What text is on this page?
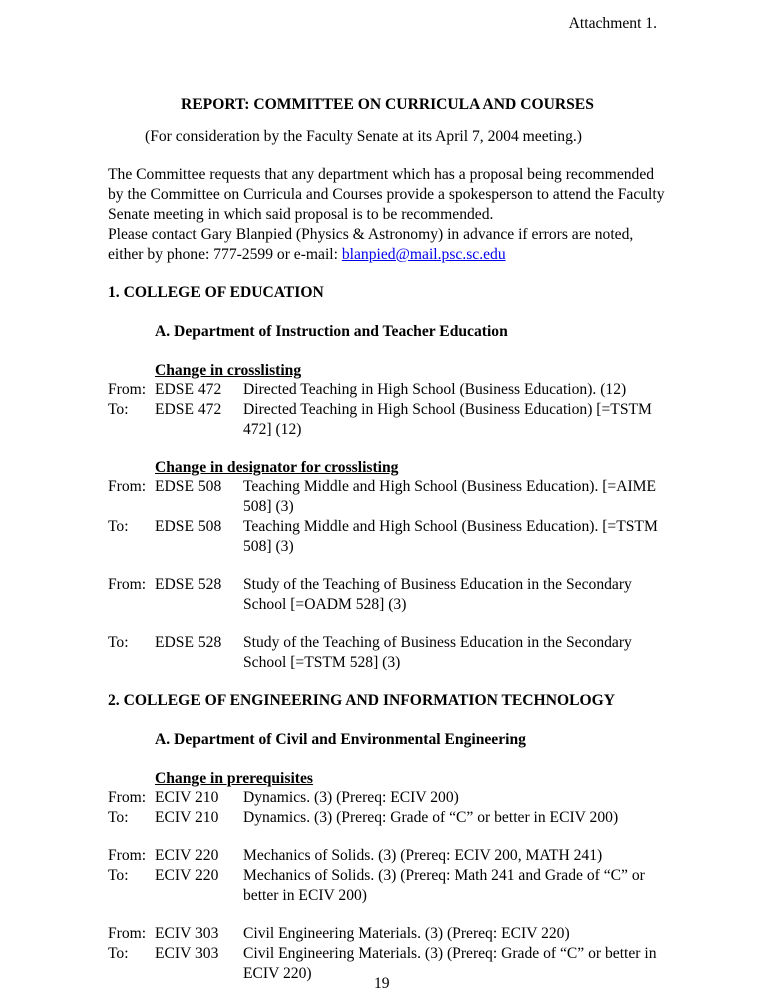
Attachment 1.
REPORT: COMMITTEE ON CURRICULA AND COURSES
(For consideration by the Faculty Senate at its April 7, 2004 meeting.)
The Committee requests that any department which has a proposal being recommended
by the Committee on Curricula and Courses provide a spokesperson to attend the Faculty
Senate meeting in which said proposal is to be recommended.
Please contact Gary Blanpied (Physics & Astronomy) in advance if errors are noted,
either by phone: 777-2599 or e-mail: blanpied@mail.psc.sc.edu
1. COLLEGE OF EDUCATION
A. Department of Instruction and Teacher Education
Change in crosslisting
From: EDSE 472 Directed Teaching in High School (Business Education). (12)
To: EDSE 472 Directed Teaching in High School (Business Education) [=TSTM
472] (12)
Change in designator for crosslisting
From: EDSE 508 Teaching Middle and High School (Business Education). [=AIME
508] (3)
To: EDSE 508 Teaching Middle and High School (Business Education). [=TSTM
508] (3)
From: EDSE 528 Study of the Teaching of Business Education in the Secondary
School [=OADM 528] (3)
To: EDSE 528 Study of the Teaching of Business Education in the Secondary
School [=TSTM 528] (3)
2. COLLEGE OF ENGINEERING AND INFORMATION TECHNOLOGY
A. Department of Civil and Environmental Engineering
Change in prerequisites
From: ECIV 210 Dynamics. (3) (Prereq: ECIV 200)
To: ECIV 210 Dynamics. (3) (Prereq: Grade of “C” or better in ECIV 200)
From: ECIV 220 Mechanics of Solids. (3) (Prereq: ECIV 200, MATH 241)
To: ECIV 220 Mechanics of Solids. (3) (Prereq: Math 241 and Grade of “C” or
better in ECIV 200)
From: ECIV 303 Civil Engineering Materials. (3) (Prereq: ECIV 220)
To: ECIV 303 Civil Engineering Materials. (3) (Prereq: Grade of “C” or better in
ECIV 220)
19
